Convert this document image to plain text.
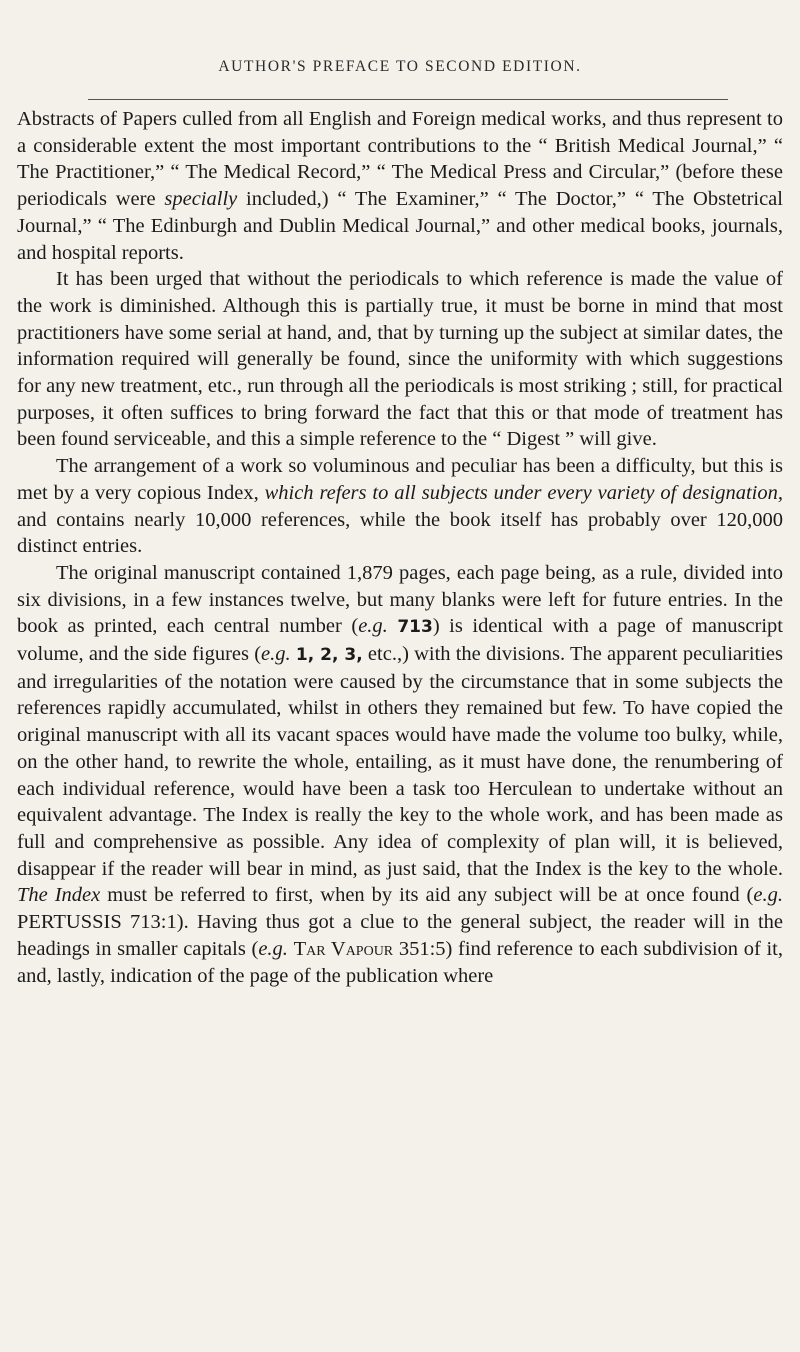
AUTHOR'S PREFACE TO SECOND EDITION.

Abstracts of Papers culled from all English and Foreign medical works, and thus represent to a considerable extent the most important contributions to the “ British Medical Journal,” “ The Practitioner,” “ The Medical Record,” “ The Medical Press and Circular,” (before these periodicals were specially included,) “ The Examiner,” “ The Doctor,” “ The Obstetrical Journal,” “ The Edinburgh and Dublin Medical Journal,” and other medical books, journals, and hospital reports.

It has been urged that without the periodicals to which reference is made the value of the work is diminished. Although this is partially true, it must be borne in mind that most practitioners have some serial at hand, and, that by turning up the subject at similar dates, the information required will generally be found, since the uniformity with which suggestions for any new treatment, etc., run through all the periodicals is most striking ; still, for practical purposes, it often suffices to bring forward the fact that this or that mode of treatment has been found serviceable, and this a simple reference to the “ Digest ” will give.

The arrangement of a work so voluminous and peculiar has been a difficulty, but this is met by a very copious Index, which refers to all subjects under every variety of designation, and contains nearly 10,000 references, while the book itself has probably over 120,000 distinct entries.

The original manuscript contained 1,879 pages, each page being, as a rule, divided into six divisions, in a few instances twelve, but many blanks were left for future entries. In the book as printed, each central number (e.g. 713) is identical with a page of manuscript volume, and the side figures (e.g. 1, 2, 3, etc.,) with the divisions. The apparent peculiarities and irregularities of the notation were caused by the circumstance that in some subjects the references rapidly accumulated, whilst in others they remained but few. To have copied the original manuscript with all its vacant spaces would have made the volume too bulky, while, on the other hand, to rewrite the whole, entailing, as it must have done, the renumbering of each individual reference, would have been a task too Herculean to undertake without an equivalent advantage. The Index is really the key to the whole work, and has been made as full and comprehensive as possible. Any idea of complexity of plan will, it is believed, disappear if the reader will bear in mind, as just said, that the Index is the key to the whole. The Index must be referred to first, when by its aid any subject will be at once found (e.g. PERTUSSIS 713:1). Having thus got a clue to the general subject, the reader will in the headings in smaller capitals (e.g. Tar Vapour 351:5) find reference to each subdivision of it, and, lastly, indication of the page of the publication where
